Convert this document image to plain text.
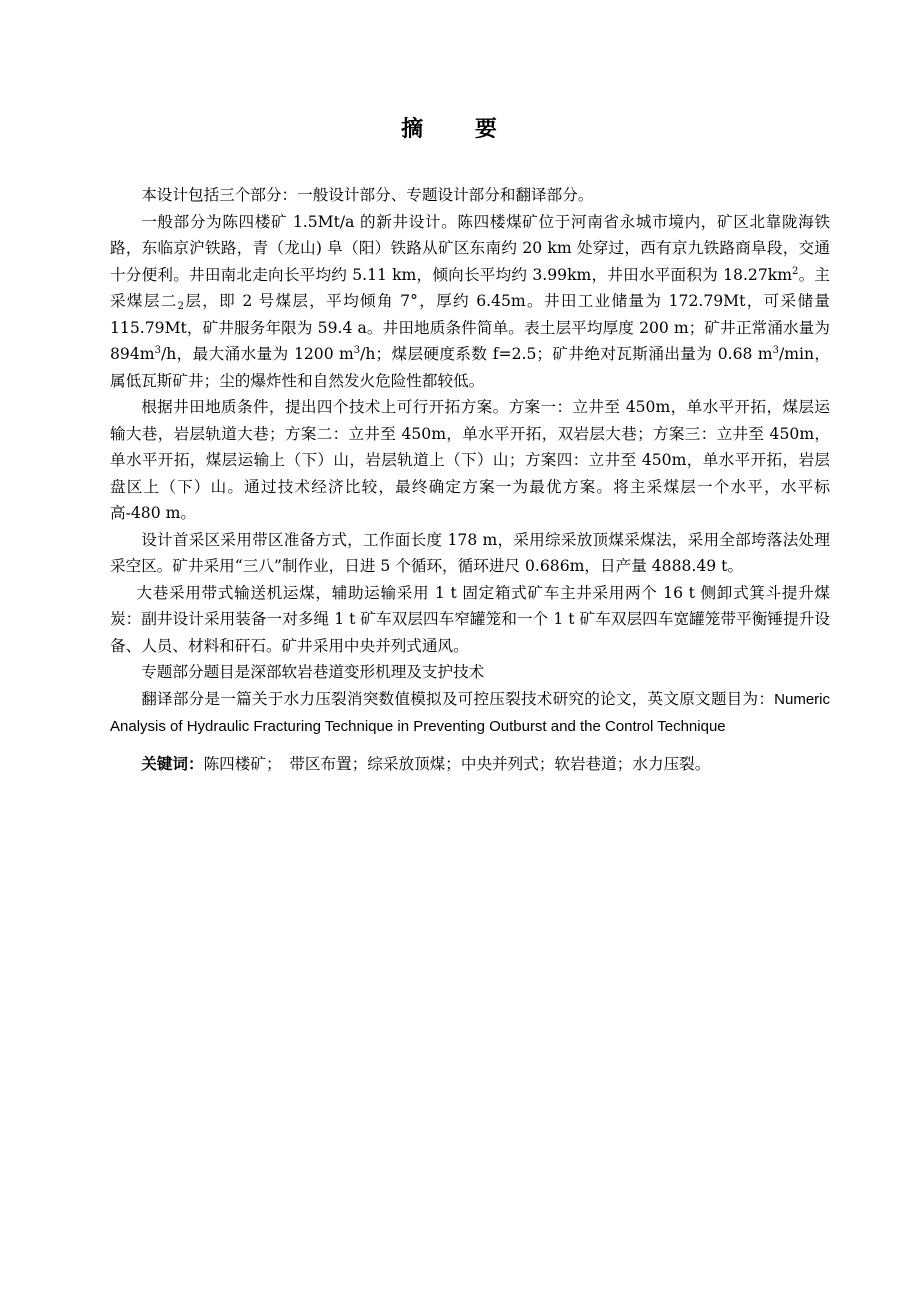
摘 要

本设计包括三个部分：一般设计部分、专题设计部分和翻译部分。

一般部分为陈四楼矿 1.5Mt/a 的新井设计。陈四楼煤矿位于河南省永城市境内，矿区北靠陇海铁路，东临京沪铁路，青（龙山) 阜（阳）铁路从矿区东南约 20 km 处穿过，西有京九铁路商阜段，交通十分便利。井田南北走向长平均约 5.11 km，倾向长平均约 3.99km，井田水平面积为 $18.27km^2$。主采煤层二$_2$层，即 2 号煤层，平均倾角 7°，厚约 6.45m。井田工业储量为 172.79Mt，可采储量 115.79Mt，矿井服务年限为 59.4 a。井田地质条件简单。表土层平均厚度 200 m；矿井正常涌水量为 $894m^3/h$，最大涌水量为 1200 $m^3/h$；煤层硬度系数 f=2.5；矿井绝对瓦斯涌出量为 0.68 $m^3/\min$，属低瓦斯矿井；尘的爆炸性和自然发火危险性都较低。

根据井田地质条件，提出四个技术上可行开拓方案。方案一：立井至 450m，单水平开拓，煤层运输大巷，岩层轨道大巷；方案二：立井至 450m，单水平开拓，双岩层大巷；方案三：立井至 450m，单水平开拓，煤层运输上（下）山，岩层轨道上（下）山；方案四：立井至 450m，单水平开拓，岩层盘区上（下）山。通过技术经济比较，最终确定方案一为最优方案。将主采煤层一个水平，水平标高-480 m。

设计首采区采用带区准备方式，工作面长度 178 m，采用综采放顶煤采煤法，采用全部垮落法处理采空区。矿井采用“三八”制作业，日进 5 个循环，循环进尺 0.686m，日产量 4888.49 t。

大巷采用带式输送机运煤，辅助运输采用 1 t 固定箱式矿车主井采用两个 16 t 侧卸式箕斗提升煤炭：副井设计采用装备一对多绳 1 t 矿车双层四车窄罐笼和一个 1 t 矿车双层四车宽罐笼带平衡锤提升设备、人员、材料和矸石。矿井采用中央并列式通风。

专题部分题目是深部软岩巷道变形机理及支护技术

翻译部分是一篇关于水力压裂消突数值模拟及可控压裂技术研究的论文，英文原文题目为：Numeric Analysis of Hydraulic Fracturing Technique in Preventing Outburst and the Control Technique

关键词：陈四楼矿；　带区布置；综采放顶煤；中央并列式；软岩巷道；水力压裂。
